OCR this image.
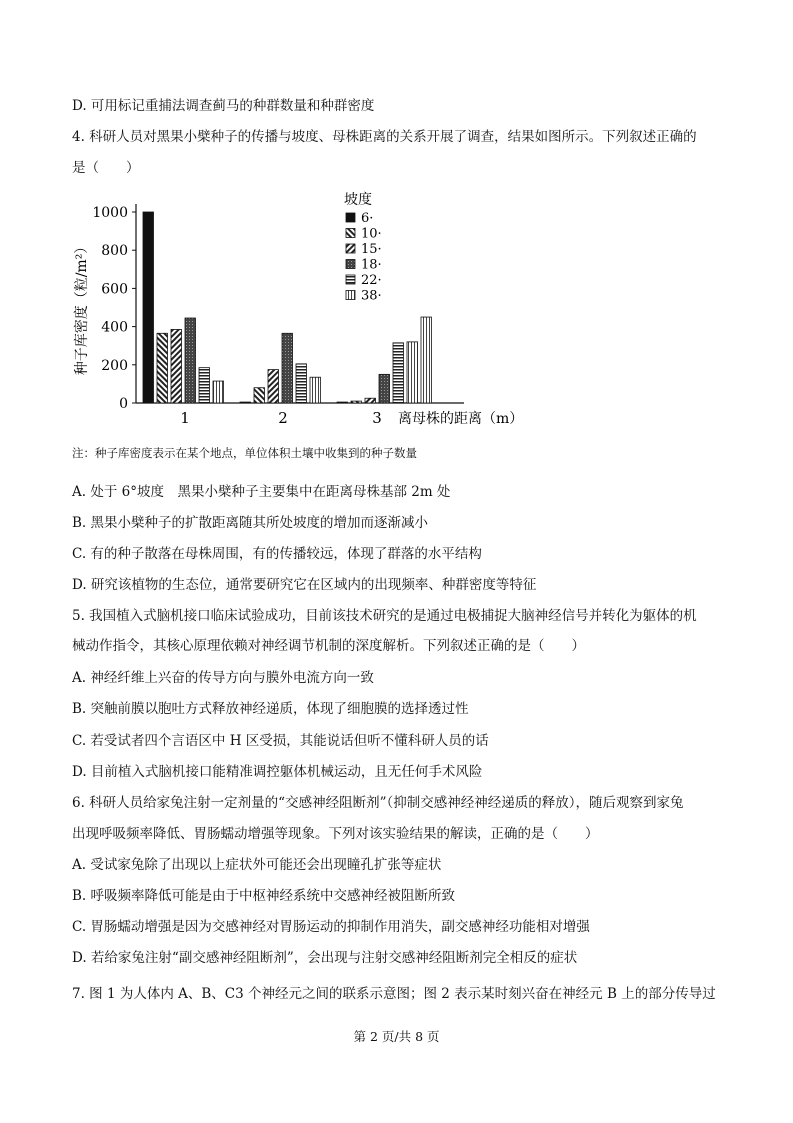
D. 可用标记重捕法调查蓟马的种群数量和种群密度
4. 科研人员对黑果小檗种子的传播与坡度、母株距离的关系开展了调查，结果如图所示。下列叙述正确的
是（　　）
0
200
400
600
800
1000
种子库密度（粒/m²）
1	2	3 离母株的距离（m）
坡度
6·
10·
15·
18·
22·
38·
注：种子库密度表示在某个地点，单位体积土壤中收集到的种子数量
A. 处于 6°坡度　黑果小檗种子主要集中在距离母株基部 2m 处
B. 黑果小檗种子的扩散距离随其所处坡度的增加而逐渐减小
C. 有的种子散落在母株周围，有的传播较远，体现了群落的水平结构
D. 研究该植物的生态位，通常要研究它在区域内的出现频率、种群密度等特征
5. 我国植入式脑机接口临床试验成功，目前该技术研究的是通过电极捕捉大脑神经信号并转化为躯体的机
械动作指令，其核心原理依赖对神经调节机制的深度解析。下列叙述正确的是（　　）
A. 神经纤维上兴奋的传导方向与膜外电流方向一致
B. 突触前膜以胞吐方式释放神经递质，体现了细胞膜的选择透过性
C. 若受试者四个言语区中 H 区受损，其能说话但听不懂科研人员的话
D. 目前植入式脑机接口能精准调控躯体机械运动，且无任何手术风险
6. 科研人员给家兔注射一定剂量的“交感神经阻断剂”（抑制交感神经神经递质的释放），随后观察到家兔
出现呼吸频率降低、胃肠蠕动增强等现象。下列对该实验结果的解读，正确的是（　　）
A. 受试家兔除了出现以上症状外可能还会出现瞳孔扩张等症状
B. 呼吸频率降低可能是由于中枢神经系统中交感神经被阻断所致
C. 胃肠蠕动增强是因为交感神经对胃肠运动的抑制作用消失，副交感神经功能相对增强
D. 若给家兔注射“副交感神经阻断剂”，会出现与注射交感神经阻断剂完全相反的症状
7. 图 1 为人体内 A、B、C3 个神经元之间的联系示意图；图 2 表示某时刻兴奋在神经元 B 上的部分传导过
第 2 页/共 8 页
